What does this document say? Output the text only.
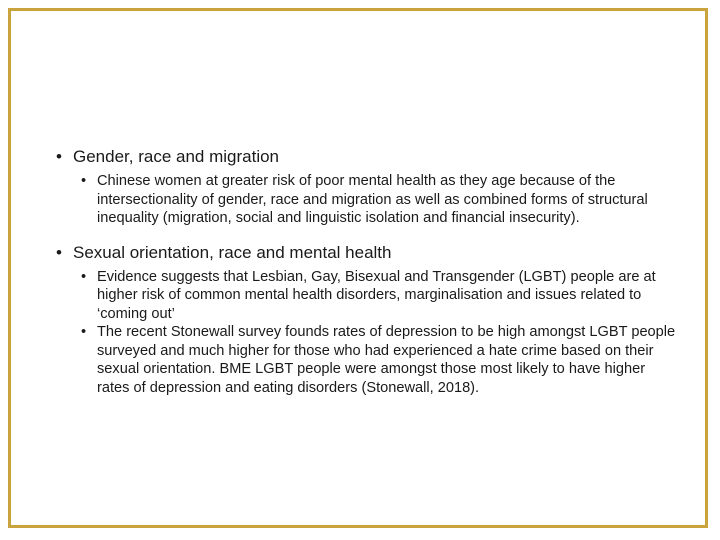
• Gender, race and migration
• Chinese women at greater risk of poor mental health as they age because of the intersectionality of gender, race and migration as well as combined forms of structural inequality (migration, social and linguistic isolation and financial insecurity).
• Sexual orientation, race and mental health
• Evidence suggests that Lesbian, Gay, Bisexual and Transgender (LGBT) people are at higher risk of common mental health disorders, marginalisation and issues related to ‘coming out’
• The recent Stonewall survey founds rates of depression to be high amongst LGBT people surveyed and much higher for those who had experienced a hate crime based on their sexual orientation. BME LGBT people were amongst those most likely to have higher rates of depression and eating disorders (Stonewall, 2018).
